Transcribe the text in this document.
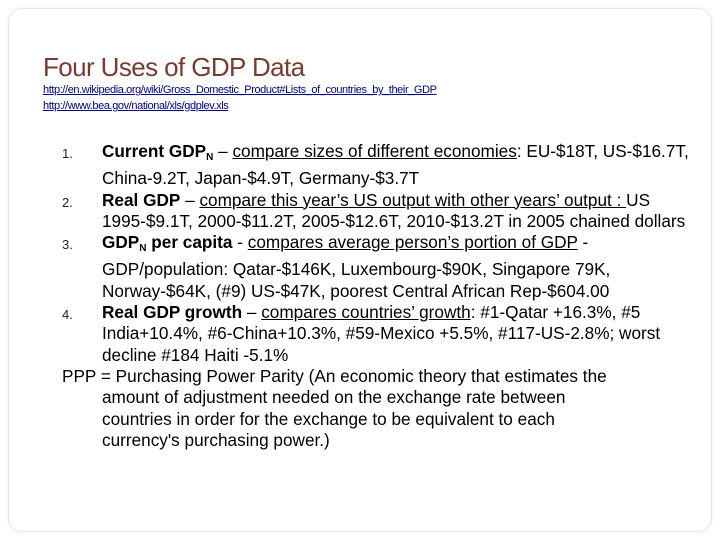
Four Uses of GDP Data
http://en.wikipedia.org/wiki/Gross_Domestic_Product#Lists_of_countries_by_their_GDP
http://www.bea.gov/national/xls/gdplev.xls
1. Current $GDP_N$ – compare sizes of different economies: EU-$18T, US-$16.7T, China-9.2T, Japan-$4.9T, Germany-$3.7T
2. Real GDP – compare this year’s US output with other years’ output : US 1995-$9.1T, 2000-$11.2T, 2005-$12.6T, 2010-$13.2T in 2005 chained dollars
3. $GDP_N$ per capita - compares average person’s portion of GDP - GDP/population: Qatar-$146K, Luxembourg-$90K, Singapore 79K, Norway-$64K, (#9) US-$47K, poorest Central African Rep-$604.00
4. Real GDP growth – compares countries’ growth: #1-Qatar +16.3%, #5 India+10.4%, #6-China+10.3%, #59-Mexico +5.5%, #117-US-2.8%; worst decline #184 Haiti -5.1%
PPP = Purchasing Power Parity (An economic theory that estimates the
amount of adjustment needed on the exchange rate between
countries in order for the exchange to be equivalent to each
currency's purchasing power.)
